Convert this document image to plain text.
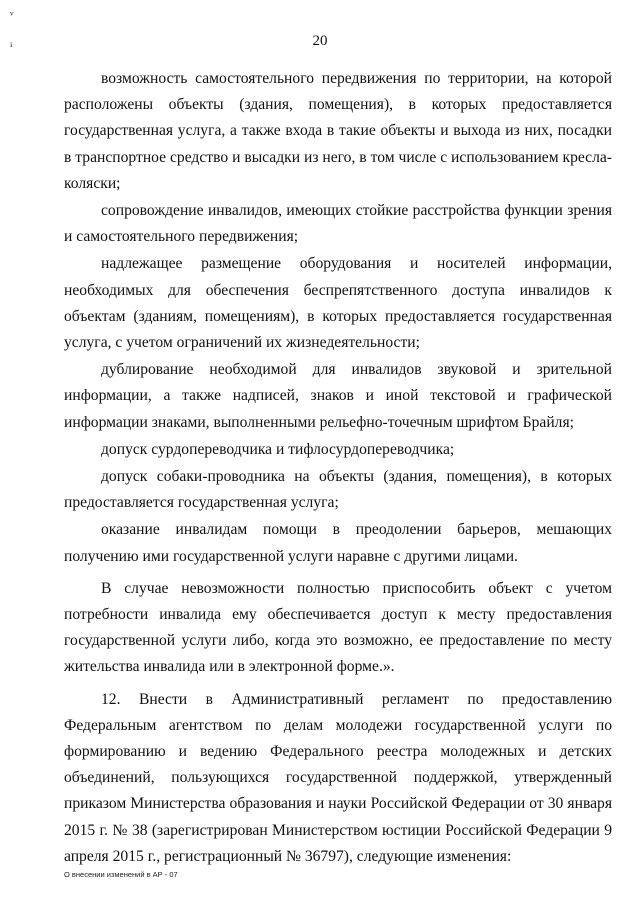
20
ᵛ
ⁱ

возможность самостоятельного передвижения по территории, на которой расположены объекты (здания, помещения), в которых предоставляется государственная услуга, а также входа в такие объекты и выхода из них, посадки в транспортное средство и высадки из него, в том числе с использованием кресла-коляски;

сопровождение инвалидов, имеющих стойкие расстройства функции зрения и самостоятельного передвижения;

надлежащее размещение оборудования и носителей информации, необходимых для обеспечения беспрепятственного доступа инвалидов к объектам (зданиям, помещениям), в которых предоставляется государственная услуга, с учетом ограничений их жизнедеятельности;

дублирование необходимой для инвалидов звуковой и зрительной информации, а также надписей, знаков и иной текстовой и графической информации знаками, выполненными рельефно-точечным шрифтом Брайля;

допуск сурдопереводчика и тифлосурдопереводчика;

допуск собаки-проводника на объекты (здания, помещения), в которых предоставляется государственная услуга;

оказание инвалидам помощи в преодолении барьеров, мешающих получению ими государственной услуги наравне с другими лицами.

В случае невозможности полностью приспособить объект с учетом потребности инвалида ему обеспечивается доступ к месту предоставления государственной услуги либо, когда это возможно, ее предоставление по месту жительства инвалида или в электронной форме.».

12. Внести в Административный регламент по предоставлению Федеральным агентством по делам молодежи государственной услуги по формированию и ведению Федерального реестра молодежных и детских объединений, пользующихся государственной поддержкой, утвержденный приказом Министерства образования и науки Российской Федерации от 30 января 2015 г. № 38 (зарегистрирован Министерством юстиции Российской Федерации 9 апреля 2015 г., регистрационный № 36797), следующие изменения:

О внесении изменений в АР - 07
